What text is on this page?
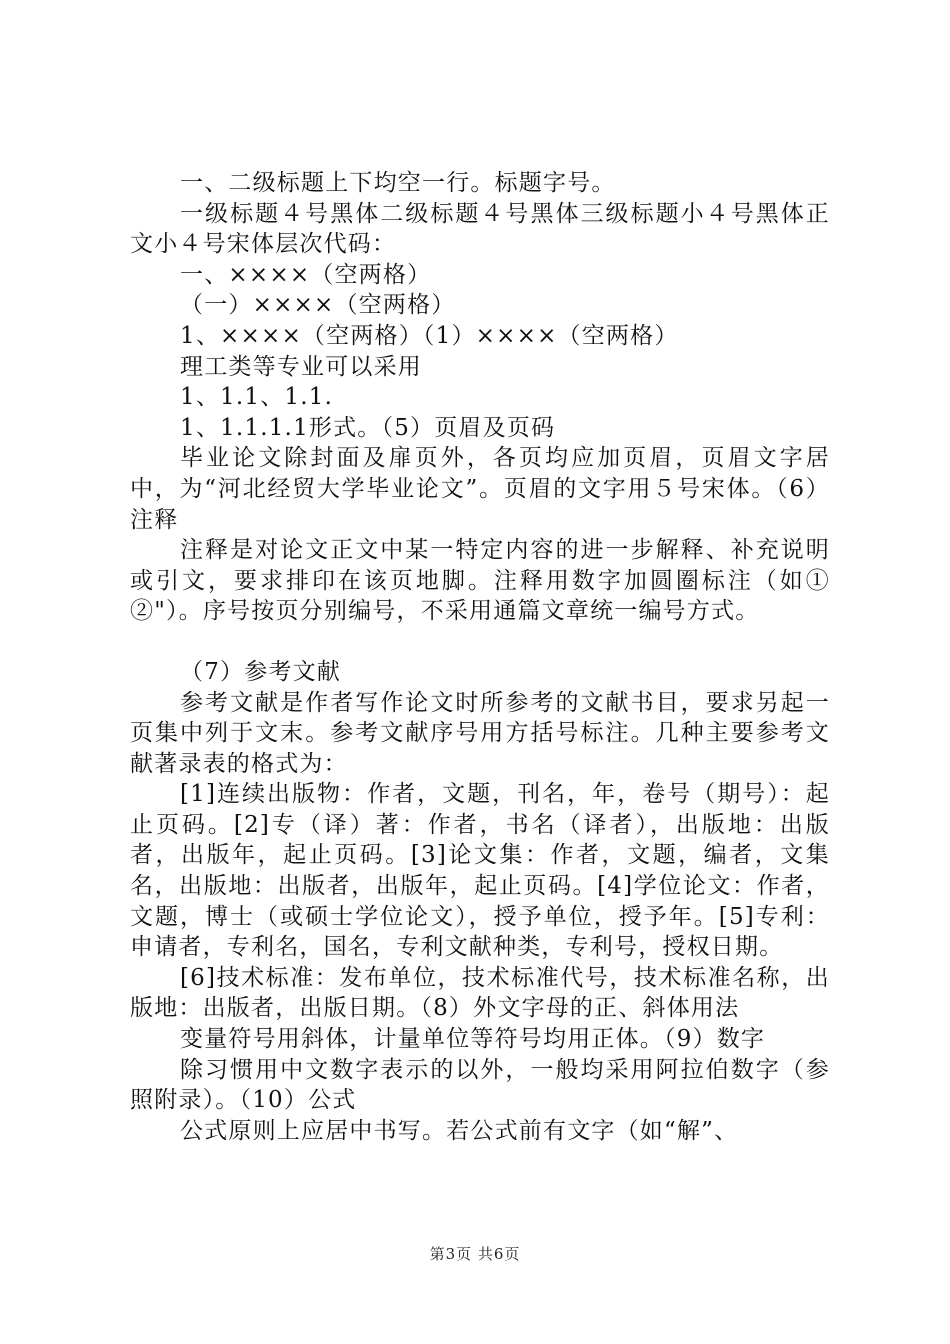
一、二级标题上下均空一行。标题字号。

一级标题４号黑体二级标题４号黑体三级标题小４号黑体正文小４号宋体层次代码：

一、××××（空两格）

（一）××××（空两格）

1、××××（空两格）（1）××××（空两格）

理工类等专业可以采用

1、1.1、1.1.

1、1.1.1.1形式。（5）页眉及页码

毕业论文除封面及扉页外，各页均应加页眉，页眉文字居中，为“河北经贸大学毕业论文”。页眉的文字用５号宋体。（6）注释

注释是对论文正文中某一特定内容的进一步解释、补充说明或引文，要求排印在该页地脚。注释用数字加圆圈标注（如①②"）。序号按页分别编号，不采用通篇文章统一编号方式。

（7）参考文献

参考文献是作者写作论文时所参考的文献书目，要求另起一页集中列于文末。参考文献序号用方括号标注。几种主要参考文献著录表的格式为：

[1]连续出版物：作者，文题，刊名，年，卷号（期号）：起止页码。[2]专（译）著：作者，书名（译者），出版地：出版者，出版年，起止页码。[3]论文集：作者，文题，编者，文集名，出版地：出版者，出版年，起止页码。[4]学位论文：作者，文题，博士（或硕士学位论文），授予单位，授予年。[5]专利：申请者，专利名，国名，专利文献种类，专利号，授权日期。

[6]技术标准：发布单位，技术标准代号，技术标准名称，出版地：出版者，出版日期。（8）外文字母的正、斜体用法

变量符号用斜体，计量单位等符号均用正体。（9）数字

除习惯用中文数字表示的以外，一般均采用阿拉伯数字（参照附录）。（10）公式

公式原则上应居中书写。若公式前有文字（如“解”、

第3页 共6页
